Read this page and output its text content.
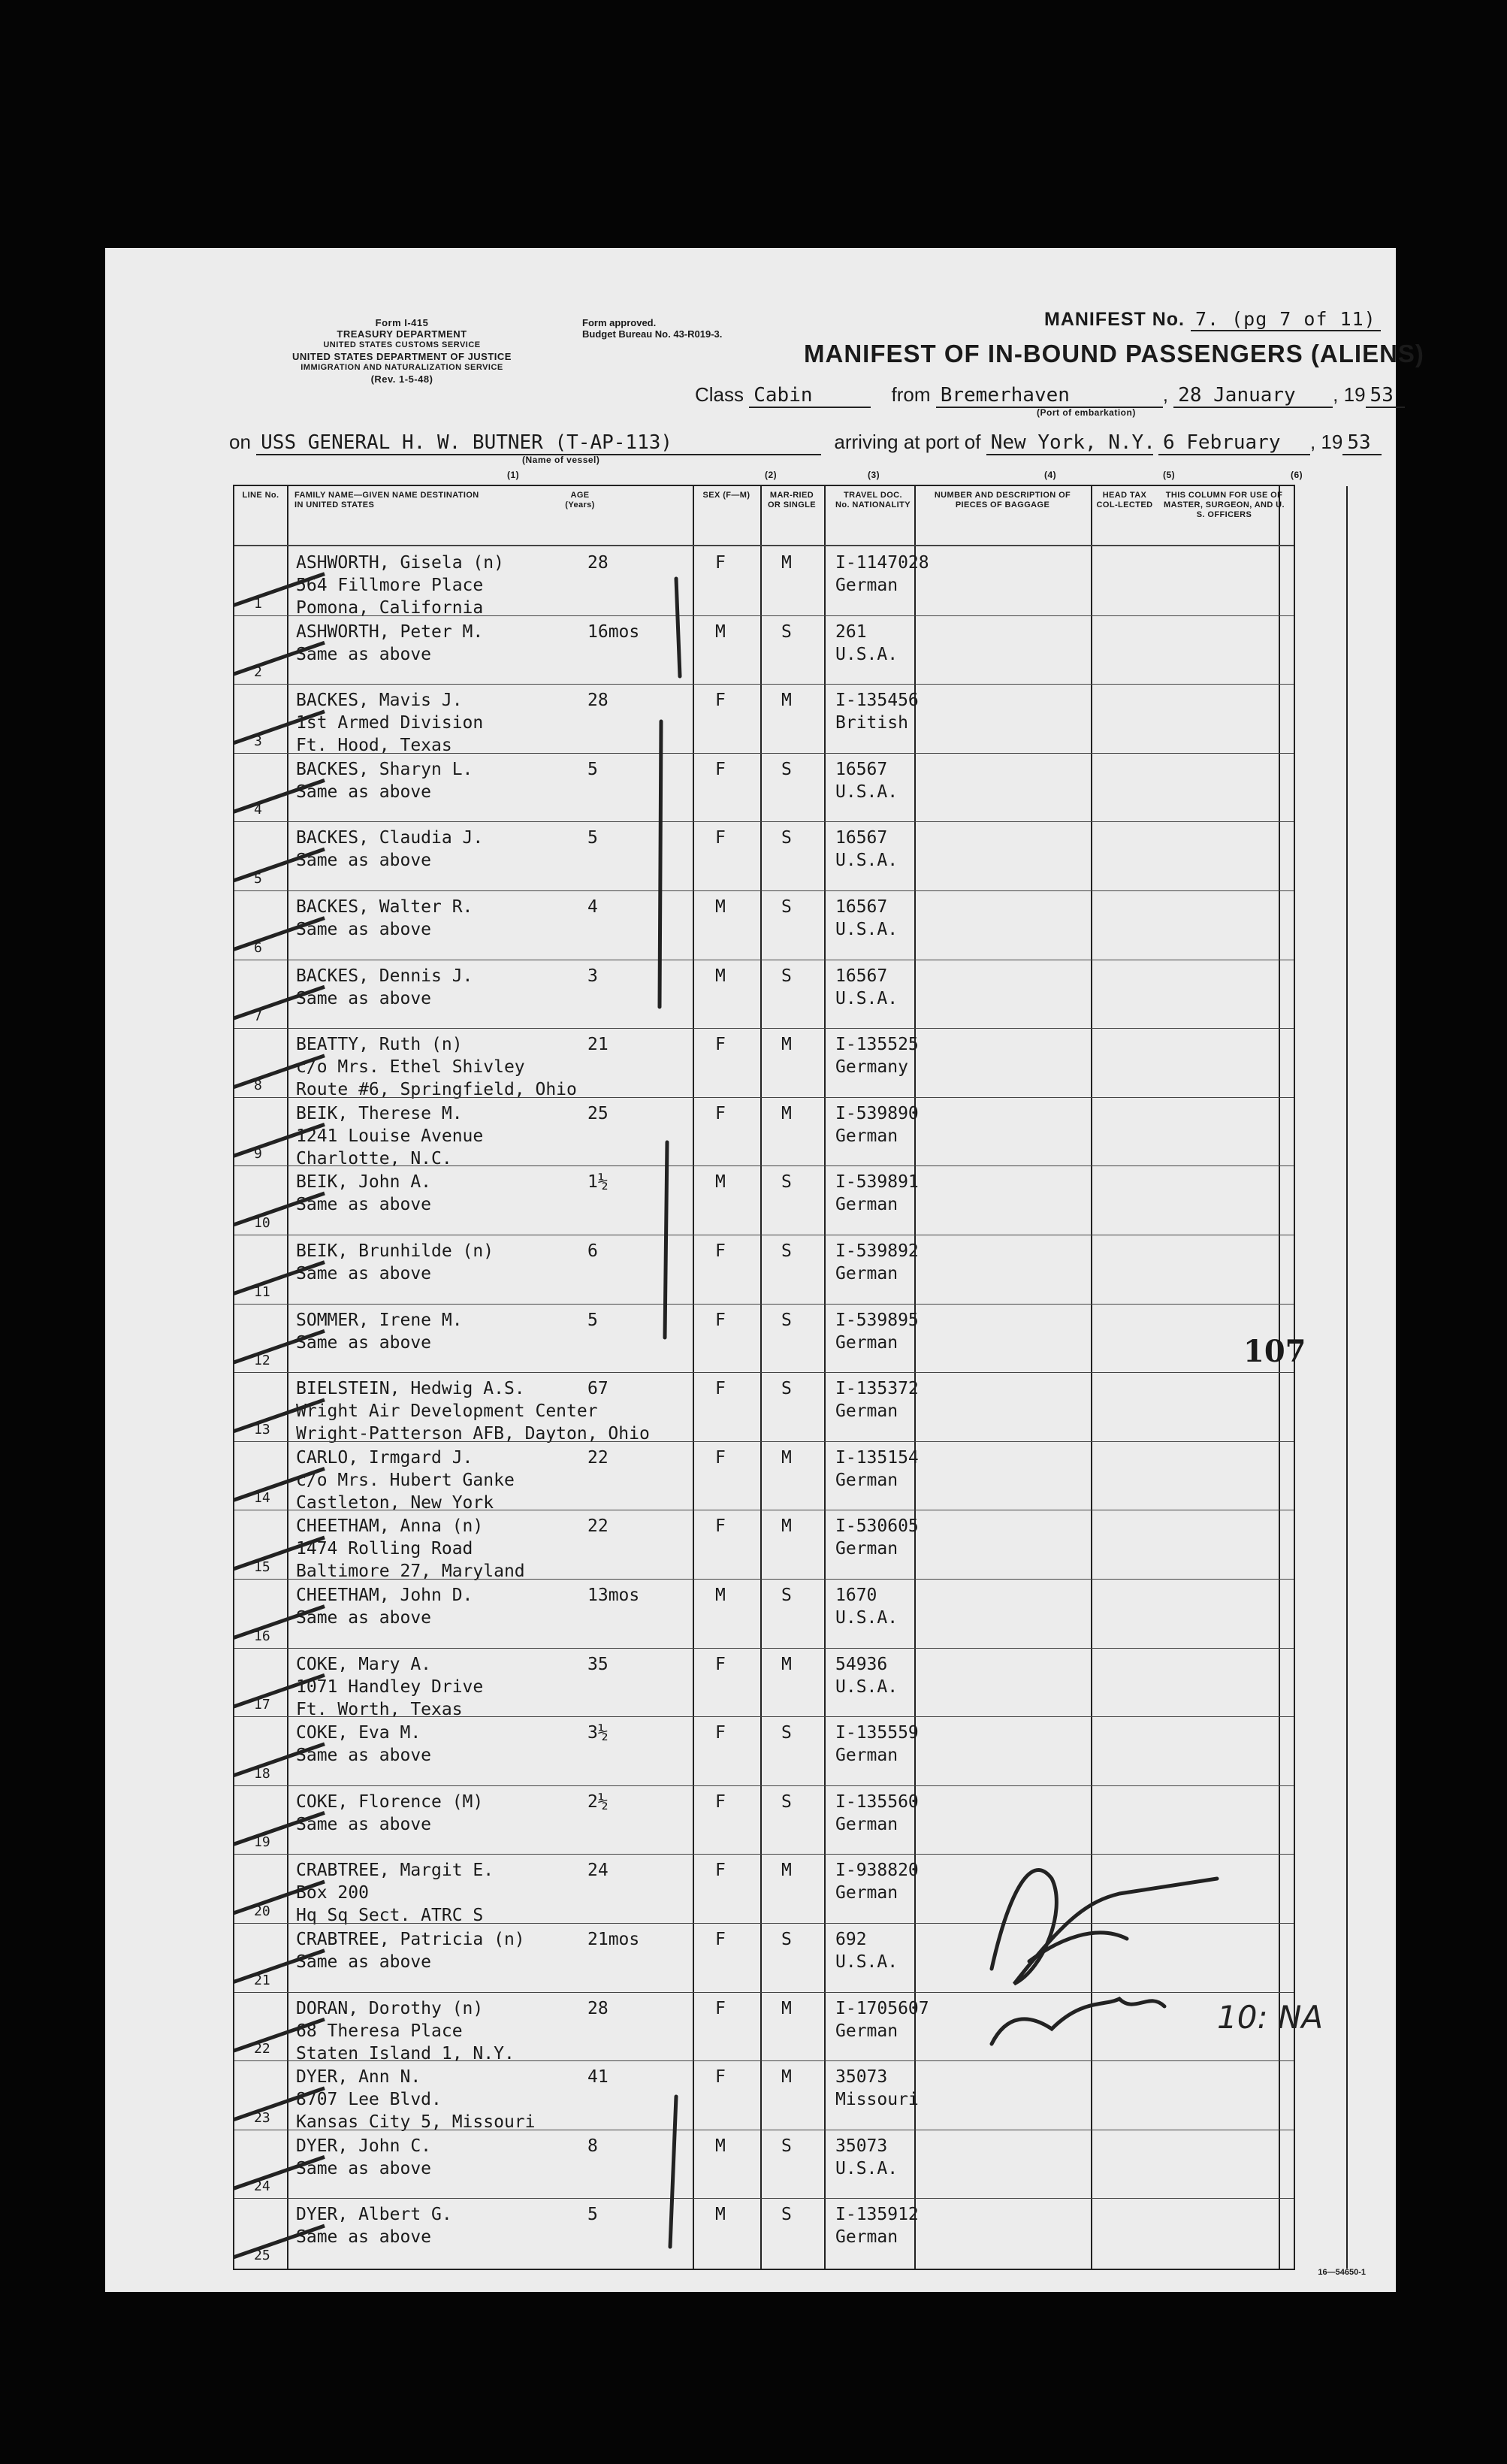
Form I-415
TREASURY DEPARTMENT
UNITED STATES CUSTOMS SERVICE
UNITED STATES DEPARTMENT OF JUSTICE
IMMIGRATION AND NATURALIZATION SERVICE
(Rev. 1-5-48)
Form approved.
Budget Bureau No. 43-R019-3.
MANIFEST No. 7. (pg 7 of 11)
MANIFEST OF IN-BOUND PASSENGERS (ALIENS)
Class Cabin	from Bremerhaven	, 28 January , 19 53
(Port of embarkation)
on USS GENERAL H. W. BUTNER (T-AP-113)	arriving at port of New York, N.Y. 6 February , 19 53
(Name of vessel)
(1)	(2)	(3)	(4)	(5)	(6)
LINE No.	FAMILY NAME—GIVEN NAME DESTINATION IN UNITED STATES
AGE (Years)
SEX (F—M)	MAR-RIED OR SINGLE
TRAVEL DOC. No. NATIONALITY
NUMBER AND DESCRIPTION OF PIECES OF BAGGAGE
HEAD TAX COL-LECTED
THIS COLUMN FOR USE OF MASTER, SURGEON, AND U. S. OFFICERS
1
ASHWORTH, Gisela (n)
564 Fillmore Place
Pomona, California
28	F	M	I-1147028
German
2
ASHWORTH, Peter M.
Same as above
16mos	M	S	261
U.S.A.
3
BACKES, Mavis J.
1st Armed Division
Ft. Hood, Texas
28	F	M	I-135456
British
4
BACKES, Sharyn L.
Same as above
5	F	S	16567
U.S.A.
5
BACKES, Claudia J.
Same as above
5	F	S	16567
U.S.A.
6
BACKES, Walter R.
Same as above
4	M	S	16567
U.S.A.
7
BACKES, Dennis J.
Same as above
3	M	S	16567
U.S.A.
8
BEATTY, Ruth (n)
c/o Mrs. Ethel Shivley
Route #6, Springfield, Ohio
21	F	M	I-135525
Germany
9
BEIK, Therese M.
1241 Louise Avenue
Charlotte, N.C.
25	F	M	I-539890
German
10
BEIK, John A.
Same as above
1½	M	S	I-539891
German
11
BEIK, Brunhilde (n)
Same as above
6	F	S	I-539892
German
12
SOMMER, Irene M.
Same as above
5	F	S	I-539895
German
13
BIELSTEIN, Hedwig A.S.
Wright Air Development Center
Wright-Patterson AFB, Dayton, Ohio
67	F	S	I-135372
German
14
CARLO, Irmgard J.
c/o Mrs. Hubert Ganke
Castleton, New York
22	F	M	I-135154
German
15
CHEETHAM, Anna (n)
1474 Rolling Road
Baltimore 27, Maryland
22	F	M	I-530605
German
16
CHEETHAM, John D.
Same as above
13mos	M	S	1670
U.S.A.
17
COKE, Mary A.
1071 Handley Drive
Ft. Worth, Texas
35	F	M	54936
U.S.A.
18
COKE, Eva M.
Same as above
3½	F	S	I-135559
German
19
COKE, Florence (M)
Same as above
2½	F	S	I-135560
German
20
CRABTREE, Margit E.
Box 200
Hq Sq Sect. ATRC S
24	F	M	I-938820
German
21
CRABTREE, Patricia (n)
Same as above
21mos	F	S	692
U.S.A.
22
DORAN, Dorothy (n)
68 Theresa Place
Staten Island 1, N.Y.
28	F	M	I-1705607
German
23
DYER, Ann N.
8707 Lee Blvd.
Kansas City 5, Missouri
41	F	M	35073
Missouri
24
DYER, John C.
Same as above
8	M	S	35073
U.S.A.
25
DYER, Albert G.
Same as above
5	M	S	I-135912
German
107
10: NA
16—54650-1
